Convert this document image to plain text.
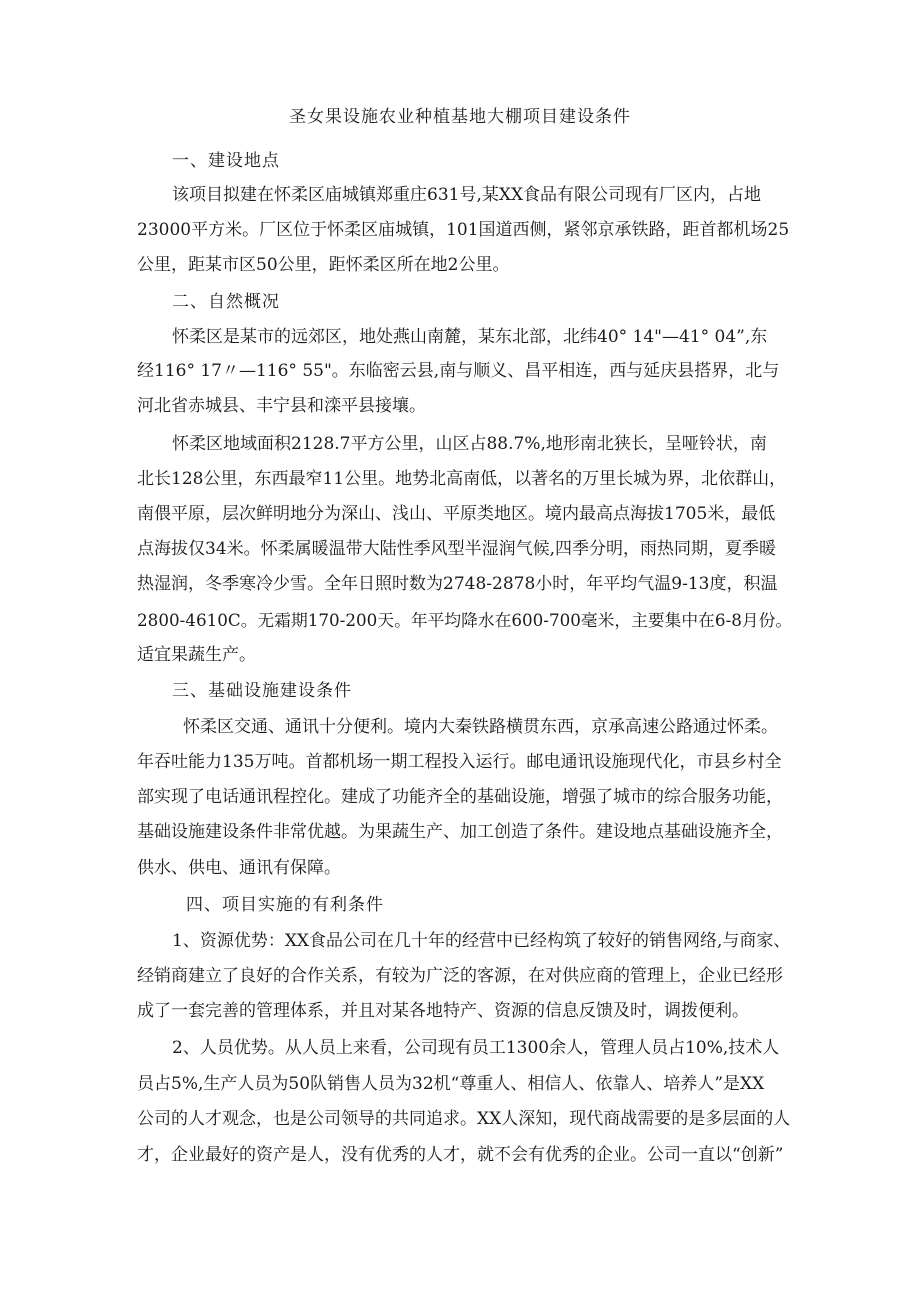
圣女果设施农业种植基地大棚项目建设条件
一、建设地点
该项目拟建在怀柔区庙城镇郑重庄631号,某XX食品有限公司现有厂区内，占地
23000平方米。厂区位于怀柔区庙城镇，101国道西侧，紧邻京承铁路，距首都机场25
公里，距某市区50公里，距怀柔区所在地2公里。
二、自然概况
怀柔区是某市的远郊区，地处燕山南麓，某东北部，北纬40° 14"—41° 04”,东
经116° 17〃—116° 55"。东临密云县,南与顺义、昌平相连，西与延庆县搭界，北与
河北省赤城县、丰宁县和滦平县接壤。
怀柔区地域面积2128.7平方公里，山区占88.7%,地形南北狭长，呈哑铃状，南
北长128公里，东西最窄11公里。地势北高南低，以著名的万里长城为界，北依群山，
南偎平原，层次鲜明地分为深山、浅山、平原类地区。境内最高点海拔1705米，最低
点海拔仅34米。怀柔属暖温带大陆性季风型半湿润气候,四季分明，雨热同期，夏季暖
热湿润，冬季寒冷少雪。全年日照时数为2748-2878小时，年平均气温9-13度，积温
2800-4610C。无霜期170-200天。年平均降水在600-700毫米，主要集中在6-8月份。
适宜果蔬生产。
三、基础设施建设条件
怀柔区交通、通讯十分便利。境内大秦铁路横贯东西，京承高速公路通过怀柔。
年吞吐能力135万吨。首都机场一期工程投入运行。邮电通讯设施现代化，市县乡村全
部实现了电话通讯程控化。建成了功能齐全的基础设施，增强了城市的综合服务功能，
基础设施建设条件非常优越。为果蔬生产、加工创造了条件。建设地点基础设施齐全，
供水、供电、通讯有保障。
四、项目实施的有利条件
1、资源优势：XX食品公司在几十年的经营中已经构筑了较好的销售网络,与商家、
经销商建立了良好的合作关系，有较为广泛的客源，在对供应商的管理上，企业已经形
成了一套完善的管理体系，并且对某各地特产、资源的信息反馈及时，调拨便利。
2、人员优势。从人员上来看，公司现有员工1300余人，管理人员占10%,技术人
员占5%,生产人员为50队销售人员为32机“尊重人、相信人、依靠人、培养人”是XX
公司的人才观念，也是公司领导的共同追求。XX人深知，现代商战需要的是多层面的人
才，企业最好的资产是人，没有优秀的人才，就不会有优秀的企业。公司一直以“创新”
